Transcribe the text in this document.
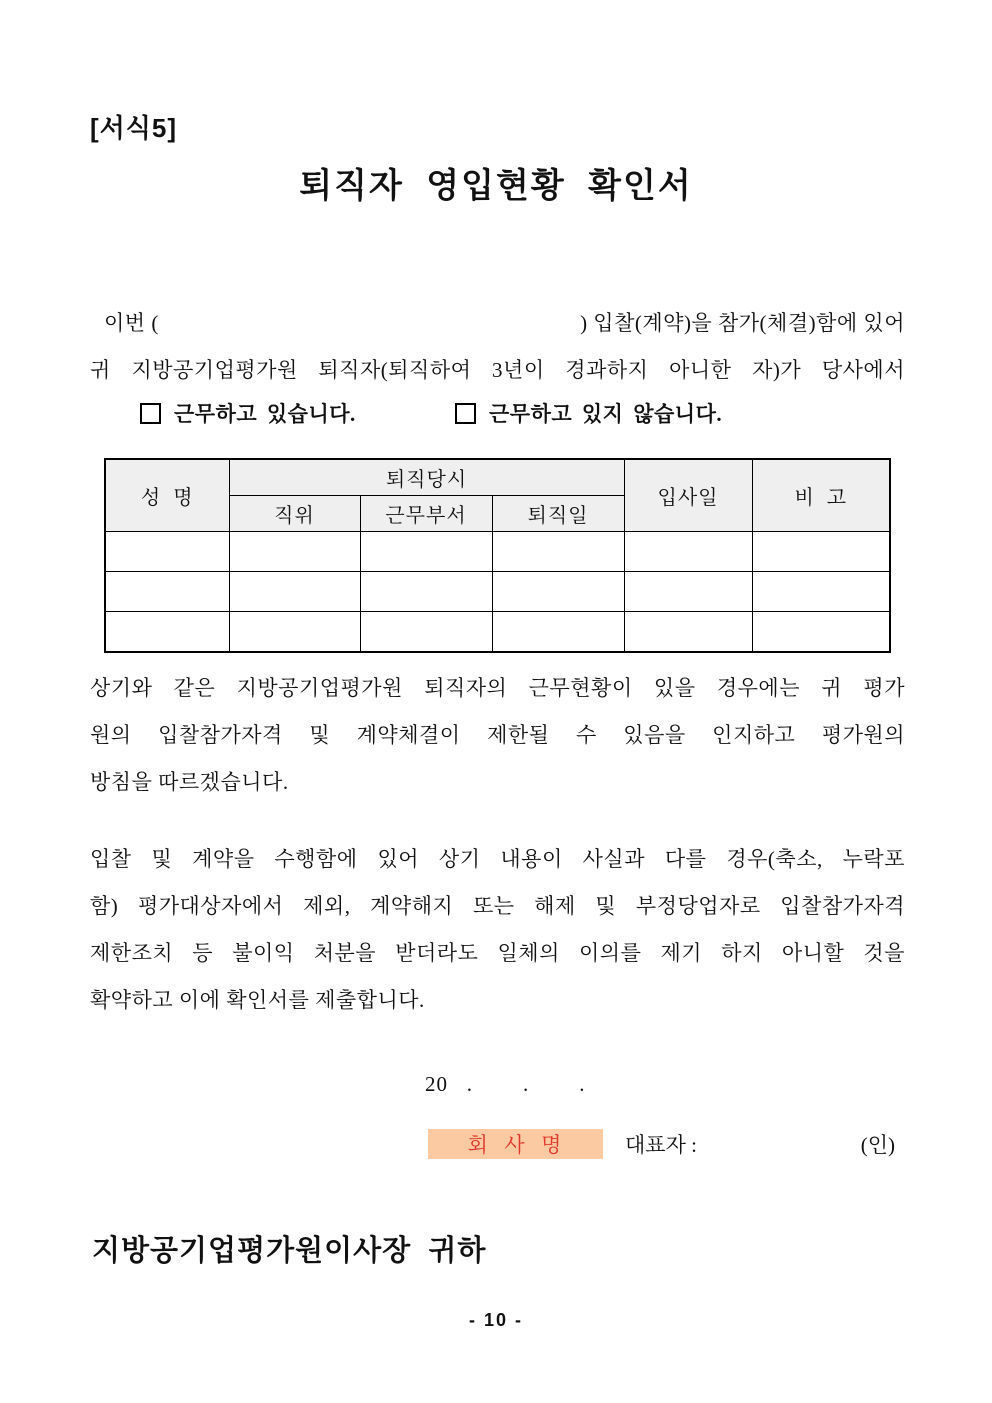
[서식5]
퇴직자 영입현황 확인서
이번 (	) 입찰(계약)을 참가(체결)함에 있어
귀 지방공기업평가원 퇴직자(퇴직하여 3년이 경과하지 아니한 자)가 당사에서
근무하고 있습니다.	근무하고 있지 않습니다.
성  명	퇴직당시			입사일	비  고
	직위	근무부서	퇴직일		

상기와 같은 지방공기업평가원 퇴직자의 근무현황이 있을 경우에는 귀 평가
원의 입찰참가자격 및 계약체결이 제한될 수 있음을 인지하고 평가원의
방침을 따르겠습니다.
입찰 및 계약을 수행함에 있어 상기 내용이 사실과 다를 경우(축소, 누락포
함) 평가대상자에서 제외, 계약해지 또는 해제 및 부정당업자로 입찰참가자격
제한조치 등 불이익 처분을 받더라도 일체의 이의를 제기 하지 아니할 것을
확약하고 이에 확인서를 제출합니다.
20   .        .        .
회  사  명	대표자 :	(인)
지방공기업평가원이사장 귀하
- 10 -
